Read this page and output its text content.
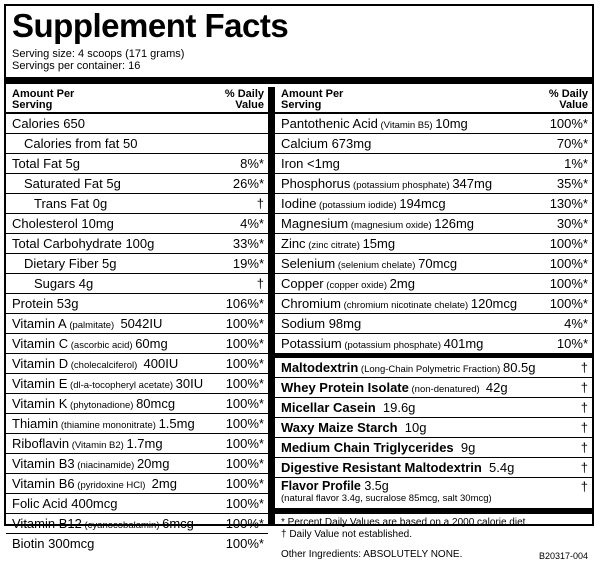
Supplement Facts
Serving size: 4 scoops (171 grams)
Servings per container: 16
Amount Per
Serving
% Daily
Value
Calories 650
Calories from fat 50
Total Fat 5g	8%*
Saturated Fat 5g	26%*
Trans Fat 0g	†
Cholesterol 10mg	4%*
Total Carbohydrate 100g	33%*
Dietary Fiber 5g	19%*
Sugars 4g	†
Protein 53g	106%*
Vitamin A (palmitate)  5042IU	100%*
Vitamin C (ascorbic acid) 60mg	100%*
Vitamin D (cholecalciferol)  400IU	100%*
Vitamin E (dl-a-tocopheryl acetate) 30IU 100%*
Vitamin K (phytonadione) 80mcg	100%*
Thiamin (thiamine mononitrate) 1.5mg 100%*
Riboflavin (Vitamin B2) 1.7mg	100%*
Vitamin B3 (niacinamide) 20mg	100%*
Vitamin B6 (pyridoxine HCl)  2mg	100%*
Folic Acid 400mcg	100%*
Vitamin B12 (cyanocobalamin) 6mcg 100%*
Biotin 300mcg	100%*
Amount Per
Serving
% Daily
Value
Pantothenic Acid (Vitamin B5) 10mg	100%*
Calcium 673mg	70%*
Iron <1mg	1%*
Phosphorus (potassium phosphate) 347mg	35%*
Iodine (potassium iodide) 194mcg	130%*
Magnesium (magnesium oxide) 126mg	30%*
Zinc (zinc citrate) 15mg	100%*
Selenium (selenium chelate) 70mcg	100%*
Copper (copper oxide) 2mg	100%*
Chromium (chromium nicotinate chelate) 120mcg	100%*
Sodium 98mg	4%*
Potassium (potassium phosphate) 401mg	10%*
Maltodextrin (Long-Chain Polymetric Fraction) 80.5g	†
Whey Protein Isolate (non-denatured)  42g	†
Micellar Casein  19.6g	†
Waxy Maize Starch  10g	†
Medium Chain Triglycerides  9g	†
Digestive Resistant Maltodextrin  5.4g	†
Flavor Profile 3.5g
(natural flavor 3.4g, sucralose 85mcg, salt 30mcg)
†
* Percent Daily Values are based on a 2000 calorie diet.
† Daily Value not established.
Other Ingredients: ABSOLUTELY NONE.	B20317-004
